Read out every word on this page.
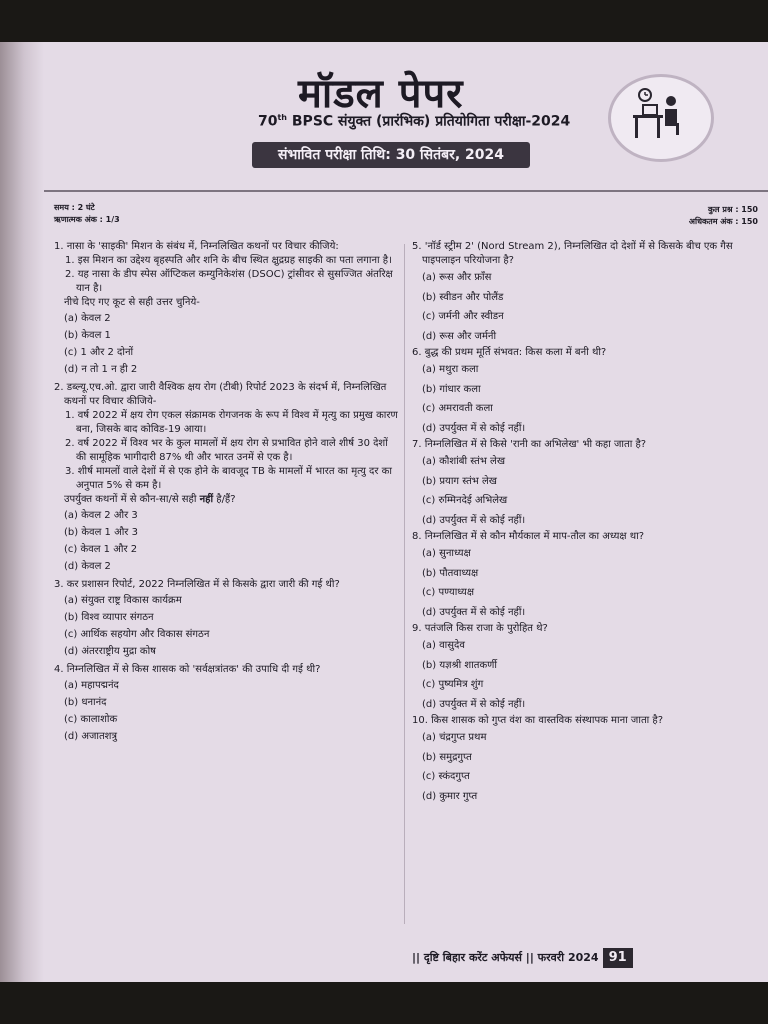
मॉडल पेपर
70th BPSC संयुक्त (प्रारंभिक) प्रतियोगिता परीक्षा-2024
संभावित परीक्षा तिथि: 30 सितंबर, 2024
समय : 2 घंटे
ऋणात्मक अंक : 1/3
कुल प्रश्न : 150
अधिकतम अंक : 150
1. नासा के 'साइकी' मिशन के संबंध में, निम्नलिखित कथनों पर विचार कीजिये:
1. इस मिशन का उद्देश्य बृहस्पति और शनि के बीच स्थित क्षुद्रग्रह साइकी का पता लगाना है।
2. यह नासा के डीप स्पेस ऑप्टिकल कम्युनिकेशंस (DSOC) ट्रांसीवर से सुसज्जित अंतरिक्ष यान है।
नीचे दिए गए कूट से सही उत्तर चुनिये-
(a) केवल 2
(b) केवल 1
(c) 1 और 2 दोनों
(d) न तो 1 न ही 2
2. डब्ल्यू.एच.ओ. द्वारा जारी वैश्विक क्षय रोग (टीबी) रिपोर्ट 2023 के संदर्भ में, निम्नलिखित कथनों पर विचार कीजिये-
1. वर्ष 2022 में क्षय रोग एकल संक्रामक रोगजनक के रूप में विश्व में मृत्यु का प्रमुख कारण बना, जिसके बाद कोविड-19 आया।
2. वर्ष 2022 में विश्व भर के कुल मामलों में क्षय रोग से प्रभावित होने वाले शीर्ष 30 देशों की सामूहिक भागीदारी 87% थी और भारत उनमें से एक है।
3. शीर्ष मामलों वाले देशों में से एक होने के बावजूद TB के मामलों में भारत का मृत्यु दर का अनुपात 5% से कम है।
उपर्युक्त कथनों में से कौन-सा/से सही नहीं है/हैं?
(a) केवल 2 और 3
(b) केवल 1 और 3
(c) केवल 1 और 2
(d) केवल 2
3. कर प्रशासन रिपोर्ट, 2022 निम्नलिखित में से किसके द्वारा जारी की गई थी?
(a) संयुक्त राष्ट्र विकास कार्यक्रम
(b) विश्व व्यापार संगठन
(c) आर्थिक सहयोग और विकास संगठन
(d) अंतरराष्ट्रीय मुद्रा कोष
4. निम्नलिखित में से किस शासक को 'सर्वक्षत्रांतक' की उपाधि दी गई थी?
(a) महापद्मनंद
(b) धनानंद
(c) कालाशोक
(d) अजातशत्रु
5. 'नॉर्ड स्ट्रीम 2' (Nord Stream 2), निम्नलिखित दो देशों में से किसके बीच एक गैस पाइपलाइन परियोजना है?
(a) रूस और फ्राँस
(b) स्वीडन और पोलैंड
(c) जर्मनी और स्वीडन
(d) रूस और जर्मनी
6. बुद्ध की प्रथम मूर्ति संभवत: किस कला में बनी थी?
(a) मथुरा कला
(b) गांधार कला
(c) अमरावती कला
(d) उपर्युक्त में से कोई नहीं।
7. निम्नलिखित में से किसे 'रानी का अभिलेख' भी कहा जाता है?
(a) कौशांबी स्तंभ लेख
(b) प्रयाग स्तंभ लेख
(c) रुम्मिनदेई अभिलेख
(d) उपर्युक्त में से कोई नहीं।
8. निम्नलिखित में से कौन मौर्यकाल में माप-तौल का अध्यक्ष था?
(a) सुनाध्यक्ष
(b) पौतवाध्यक्ष
(c) पण्याध्यक्ष
(d) उपर्युक्त में से कोई नहीं।
9. पतंजलि किस राजा के पुरोहित थे?
(a) वासुदेव
(b) यज्ञश्री शातकर्णी
(c) पुष्यमित्र शुंग
(d) उपर्युक्त में से कोई नहीं।
10. किस शासक को गुप्त वंश का वास्तविक संस्थापक माना जाता है?
(a) चंद्रगुप्त प्रथम
(b) समुद्रगुप्त
(c) स्कंदगुप्त
(d) कुमार गुप्त
|| दृष्टि बिहार करेंट अफेयर्स || फरवरी 2024 91
